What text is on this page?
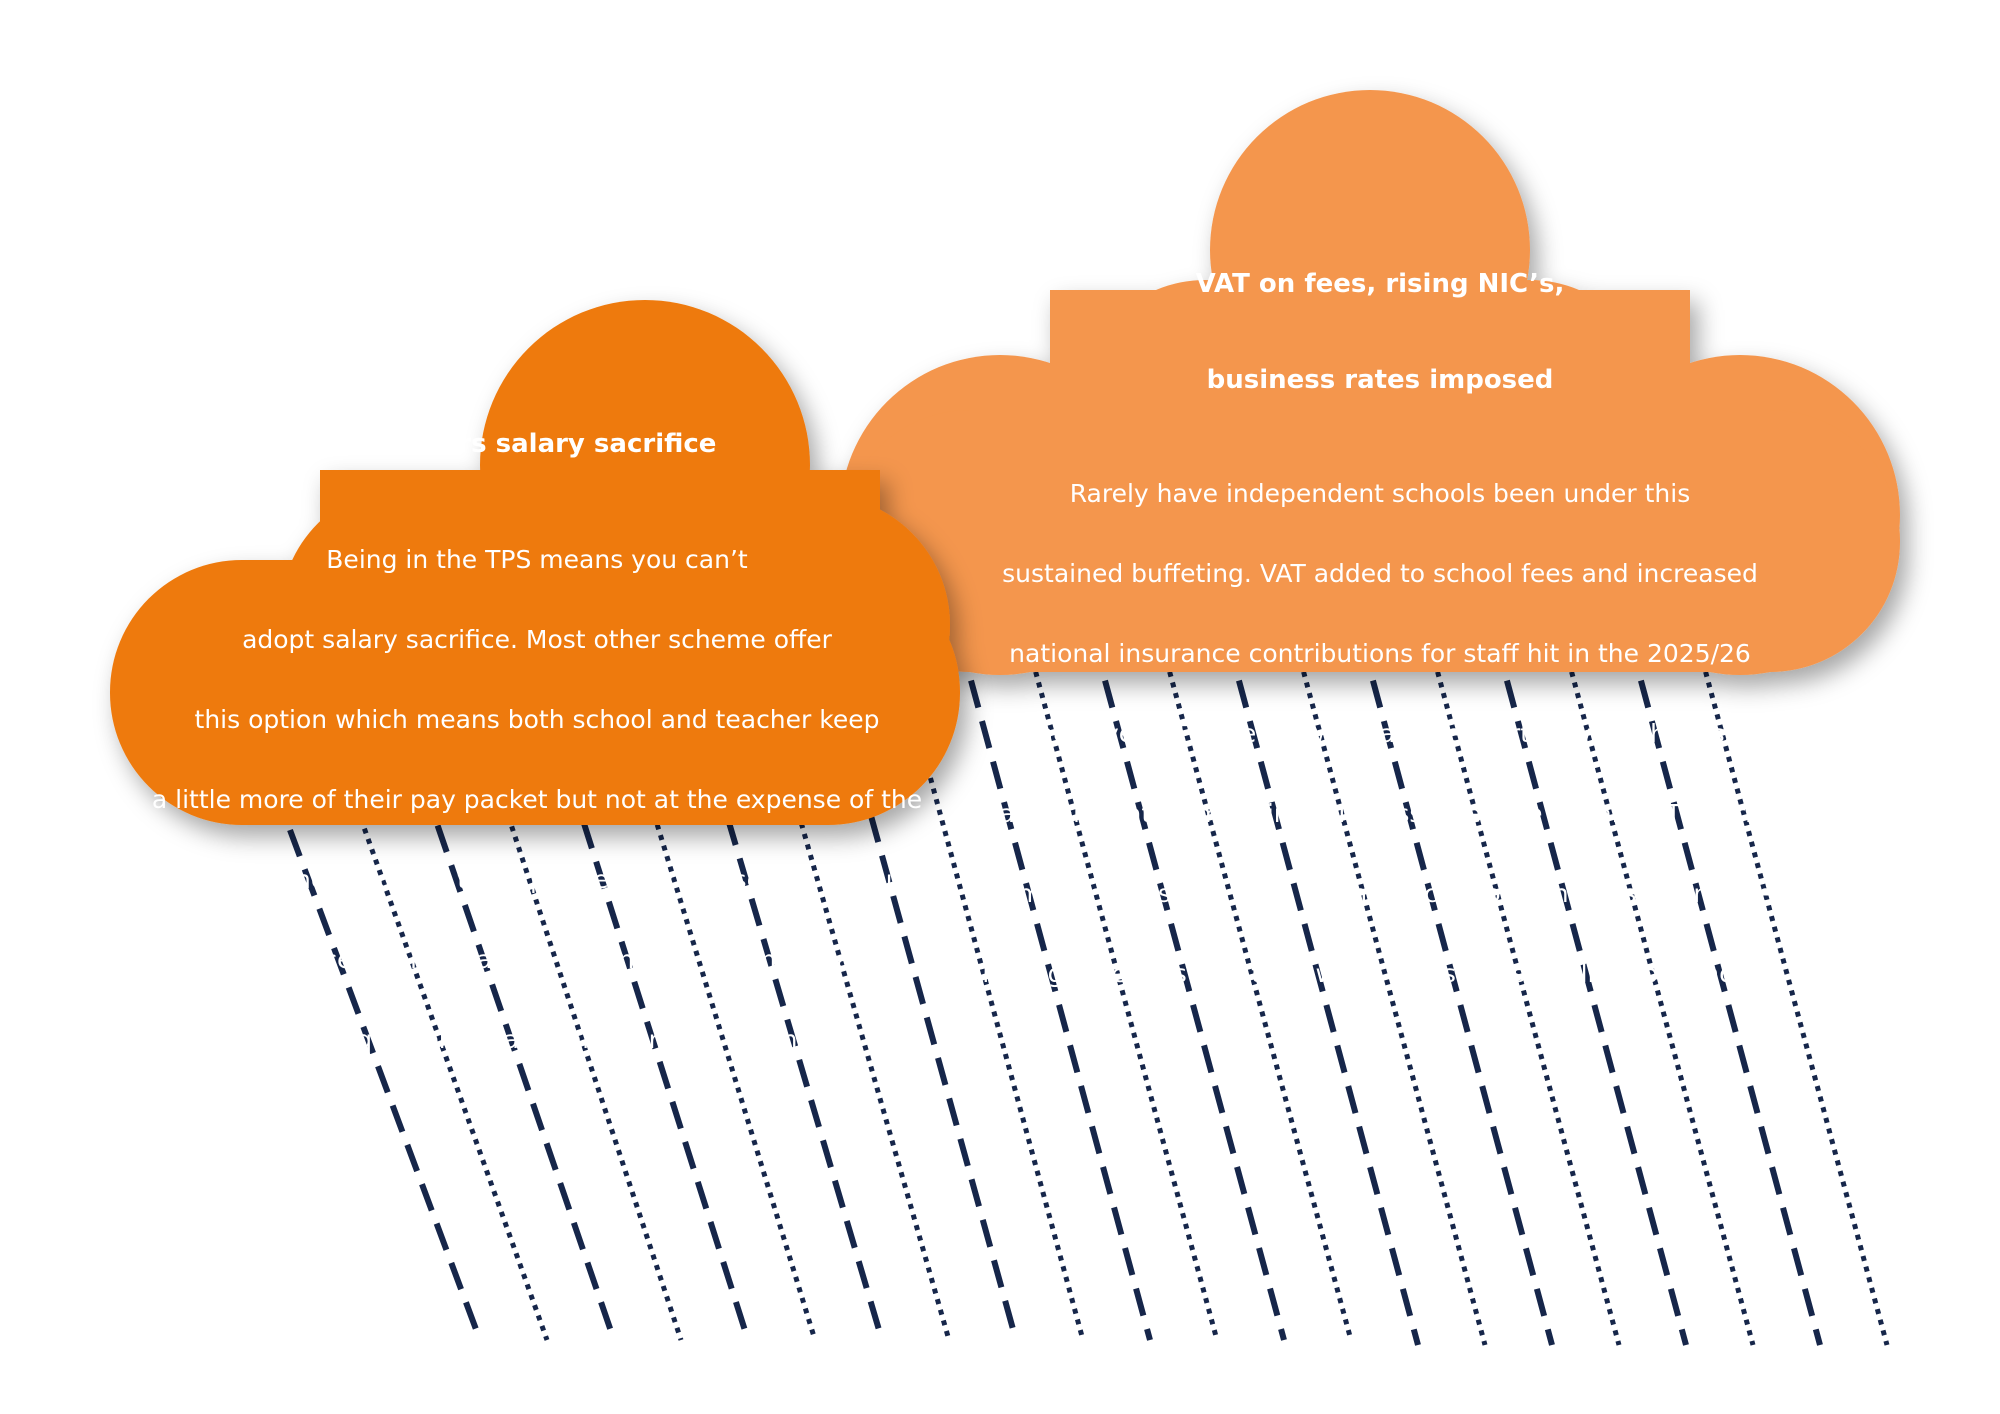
TPS bars salary sacrifice

Being in the TPS means you can’t

adopt salary sacrifice. Most other scheme offer

this option which means both school and teacher keep

a little more of their pay packet but not at the expense of the

pension. These add up to 15 per cent for the school and up

to eight per cent for a teacher, meaning a potential saving

of nearly a quarter in national insurance payments.

VAT on fees, rising NIC’s,

business rates imposed

Rarely have independent schools been under this

sustained buffeting. VAT added to school fees and increased

national insurance contributions for staff hit in the 2025/26

financial year. The sector was targeted further with the loss of

charitable status, meaning business rates are payable. This triple

whammy comes at a time when the cost-of-living crisis continues,

hitting revenues at a time when costs are spiralling for schools.
